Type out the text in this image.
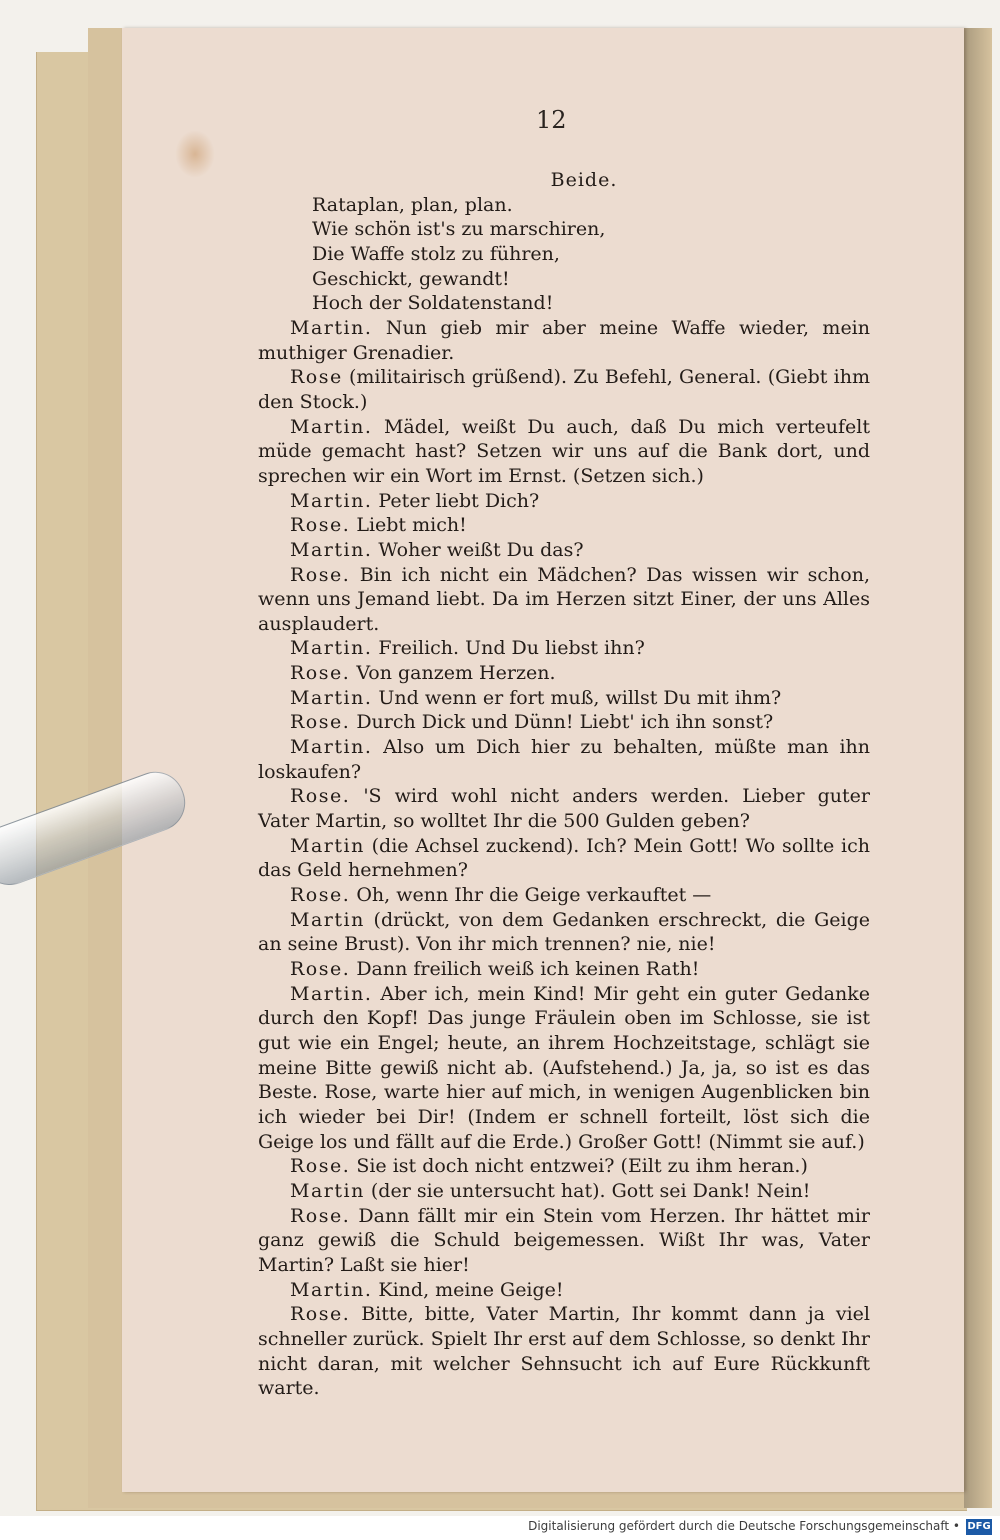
12
Beide.
Rataplan, plan, plan.
Wie schön ist's zu marschiren,
Die Waffe stolz zu führen,
Geschickt, gewandt!
Hoch der Soldatenstand!
Martin. Nun gieb mir aber meine Waffe wieder, mein muthiger Grenadier.
Rose (militairisch grüßend). Zu Befehl, General. (Giebt ihm den Stock.)
Martin. Mädel, weißt Du auch, daß Du mich verteufelt müde gemacht hast? Setzen wir uns auf die Bank dort, und sprechen wir ein Wort im Ernst. (Setzen sich.)
Martin. Peter liebt Dich?
Rose. Liebt mich!
Martin. Woher weißt Du das?
Rose. Bin ich nicht ein Mädchen? Das wissen wir schon, wenn uns Jemand liebt. Da im Herzen sitzt Einer, der uns Alles ausplaudert.
Martin. Freilich. Und Du liebst ihn?
Rose. Von ganzem Herzen.
Martin. Und wenn er fort muß, willst Du mit ihm?
Rose. Durch Dick und Dünn! Liebt' ich ihn sonst?
Martin. Also um Dich hier zu behalten, müßte man ihn loskaufen?
Rose. 'S wird wohl nicht anders werden. Lieber guter Vater Martin, so wolltet Ihr die 500 Gulden geben?
Martin (die Achsel zuckend). Ich? Mein Gott! Wo sollte ich das Geld hernehmen?
Rose. Oh, wenn Ihr die Geige verkauftet —
Martin (drückt, von dem Gedanken erschreckt, die Geige an seine Brust). Von ihr mich trennen? nie, nie!
Rose. Dann freilich weiß ich keinen Rath!
Martin. Aber ich, mein Kind! Mir geht ein guter Gedanke durch den Kopf! Das junge Fräulein oben im Schlosse, sie ist gut wie ein Engel; heute, an ihrem Hochzeitstage, schlägt sie meine Bitte gewiß nicht ab. (Aufstehend.) Ja, ja, so ist es das Beste. Rose, warte hier auf mich, in wenigen Augenblicken bin ich wieder bei Dir! (Indem er schnell forteilt, löst sich die Geige los und fällt auf die Erde.) Großer Gott! (Nimmt sie auf.)
Rose. Sie ist doch nicht entzwei? (Eilt zu ihm heran.)
Martin (der sie untersucht hat). Gott sei Dank! Nein!
Rose. Dann fällt mir ein Stein vom Herzen. Ihr hättet mir ganz gewiß die Schuld beigemessen. Wißt Ihr was, Vater Martin? Laßt sie hier!
Martin. Kind, meine Geige!
Rose. Bitte, bitte, Vater Martin, Ihr kommt dann ja viel schneller zurück. Spielt Ihr erst auf dem Schlosse, so denkt Ihr nicht daran, mit welcher Sehnsucht ich auf Eure Rückkunft warte.
Digitalisierung gefördert durch die Deutsche Forschungsgemeinschaft • DFG
